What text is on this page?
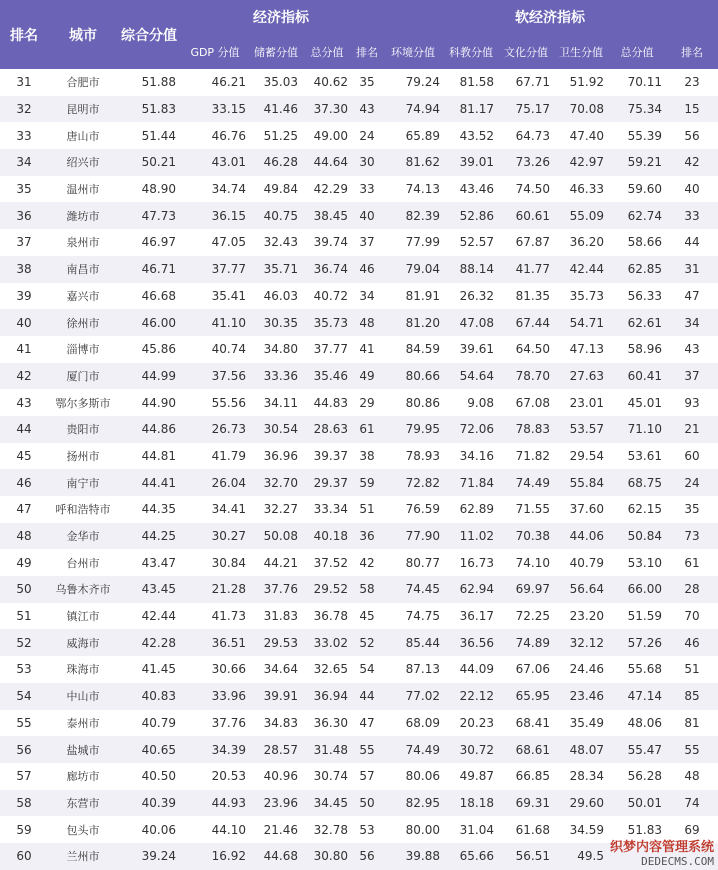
排名	城市	综合分值	经济指标				软经济指标					
			GDP 分值	储蓄分值	总分值	排名	环境分值	科教分值	文化分值	卫生分值	总分值	排名
31	合肥市	51.88	46.21	35.03	40.62	35	79.24	81.58	67.71	51.92	70.11	23
32	昆明市	51.83	33.15	41.46	37.30	43	74.94	81.17	75.17	70.08	75.34	15
33	唐山市	51.44	46.76	51.25	49.00	24	65.89	43.52	64.73	47.40	55.39	56
34	绍兴市	50.21	43.01	46.28	44.64	30	81.62	39.01	73.26	42.97	59.21	42
35	温州市	48.90	34.74	49.84	42.29	33	74.13	43.46	74.50	46.33	59.60	40
36	潍坊市	47.73	36.15	40.75	38.45	40	82.39	52.86	60.61	55.09	62.74	33
37	泉州市	46.97	47.05	32.43	39.74	37	77.99	52.57	67.87	36.20	58.66	44
38	南昌市	46.71	37.77	35.71	36.74	46	79.04	88.14	41.77	42.44	62.85	31
39	嘉兴市	46.68	35.41	46.03	40.72	34	81.91	26.32	81.35	35.73	56.33	47
40	徐州市	46.00	41.10	30.35	35.73	48	81.20	47.08	67.44	54.71	62.61	34
41	淄博市	45.86	40.74	34.80	37.77	41	84.59	39.61	64.50	47.13	58.96	43
42	厦门市	44.99	37.56	33.36	35.46	49	80.66	54.64	78.70	27.63	60.41	37
43	鄂尔多斯市	44.90	55.56	34.11	44.83	29	80.86	9.08	67.08	23.01	45.01	93
44	贵阳市	44.86	26.73	30.54	28.63	61	79.95	72.06	78.83	53.57	71.10	21
45	扬州市	44.81	41.79	36.96	39.37	38	78.93	34.16	71.82	29.54	53.61	60
46	南宁市	44.41	26.04	32.70	29.37	59	72.82	71.84	74.49	55.84	68.75	24
47	呼和浩特市	44.35	34.41	32.27	33.34	51	76.59	62.89	71.55	37.60	62.15	35
48	金华市	44.25	30.27	50.08	40.18	36	77.90	11.02	70.38	44.06	50.84	73
49	台州市	43.47	30.84	44.21	37.52	42	80.77	16.73	74.10	40.79	53.10	61
50	乌鲁木齐市	43.45	21.28	37.76	29.52	58	74.45	62.94	69.97	56.64	66.00	28
51	镇江市	42.44	41.73	31.83	36.78	45	74.75	36.17	72.25	23.20	51.59	70
52	威海市	42.28	36.51	29.53	33.02	52	85.44	36.56	74.89	32.12	57.26	46
53	珠海市	41.45	30.66	34.64	32.65	54	87.13	44.09	67.06	24.46	55.68	51
54	中山市	40.83	33.96	39.91	36.94	44	77.02	22.12	65.95	23.46	47.14	85
55	泰州市	40.79	37.76	34.83	36.30	47	68.09	20.23	68.41	35.49	48.06	81
56	盐城市	40.65	34.39	28.57	31.48	55	74.49	30.72	68.61	48.07	55.47	55
57	廊坊市	40.50	20.53	40.96	30.74	57	80.06	49.87	66.85	28.34	56.28	48
58	东营市	40.39	44.93	23.96	34.45	50	82.95	18.18	69.31	29.60	50.01	74
59	包头市	40.06	44.10	21.46	32.78	53	80.00	31.04	61.68	34.59	51.83	69
60	兰州市	39.24	16.92	44.68	30.80	56	39.88	65.66	56.51	49.5		
织梦内容管理系统
DEDECMS.COM
